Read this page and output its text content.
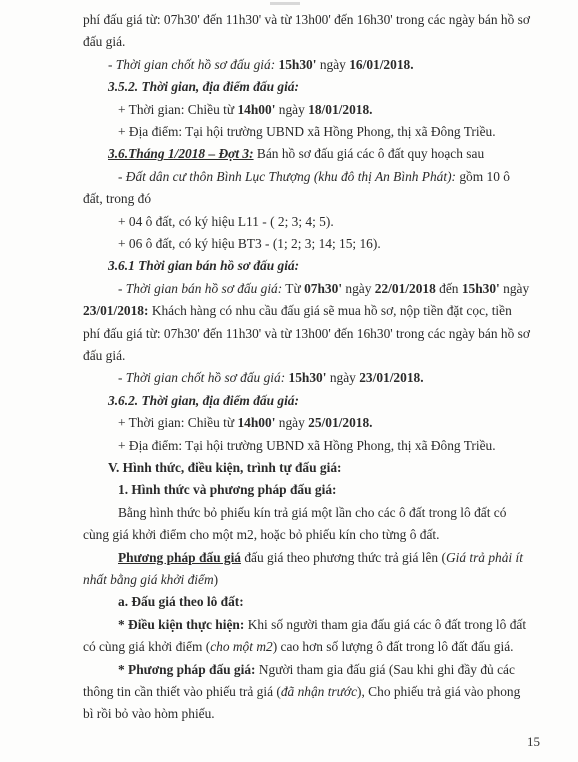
phí đấu giá từ: 07h30' đến 11h30' và từ 13h00' đến 16h30' trong các ngày bán hồ sơ
đấu giá.
- Thời gian chốt hồ sơ đấu giá: 15h30' ngày 16/01/2018.
3.5.2. Thời gian, địa điểm đấu giá:
+ Thời gian: Chiều từ 14h00' ngày 18/01/2018.
+ Địa điểm: Tại hội trường UBND xã Hồng Phong, thị xã Đông Triều.
3.6.Tháng 1/2018 – Đợt 3: Bán hồ sơ đấu giá các ô đất quy hoạch sau
- Đất dân cư thôn Bình Lục Thượng (khu đô thị An Bình Phát): gồm 10 ô
đất, trong đó
+ 04 ô đất, có ký hiệu L11 - ( 2; 3; 4; 5).
+ 06 ô đất, có ký hiệu BT3 - (1; 2; 3; 14; 15; 16).
3.6.1 Thời gian bán hồ sơ đấu giá:
- Thời gian bán hồ sơ đấu giá: Từ 07h30' ngày 22/01/2018 đến 15h30' ngày
23/01/2018: Khách hàng có nhu cầu đấu giá sẽ mua hồ sơ, nộp tiền đặt cọc, tiền
phí đấu giá từ: 07h30' đến 11h30' và từ 13h00' đến 16h30' trong các ngày bán hồ sơ
đấu giá.
- Thời gian chốt hồ sơ đấu giá: 15h30' ngày 23/01/2018.
3.6.2. Thời gian, địa điểm đấu giá:
+ Thời gian: Chiều từ 14h00' ngày 25/01/2018.
+ Địa điểm: Tại hội trường UBND xã Hồng Phong, thị xã Đông Triều.
V. Hình thức, điều kiện, trình tự đấu giá:
1. Hình thức và phương pháp đấu giá:
Bằng hình thức bỏ phiếu kín trả giá một lần cho các ô đất trong lô đất có
cùng giá khởi điểm cho một m2, hoặc bỏ phiếu kín cho từng ô đất.
Phương pháp đấu giá đấu giá theo phương thức trả giá lên (Giá trả phải ít
nhất bằng giá khởi điểm)
a. Đấu giá theo lô đất:
* Điều kiện thực hiện: Khi số người tham gia đấu giá các ô đất trong lô đất
có cùng giá khởi điểm (cho một m2) cao hơn số lượng ô đất trong lô đất đấu giá.
* Phương pháp đấu giá: Người tham gia đấu giá (Sau khi ghi đầy đủ các
thông tin cần thiết vào phiếu trả giá (đã nhận trước), Cho phiếu trả giá vào phong
bì rồi bỏ vào hòm phiếu.
15
